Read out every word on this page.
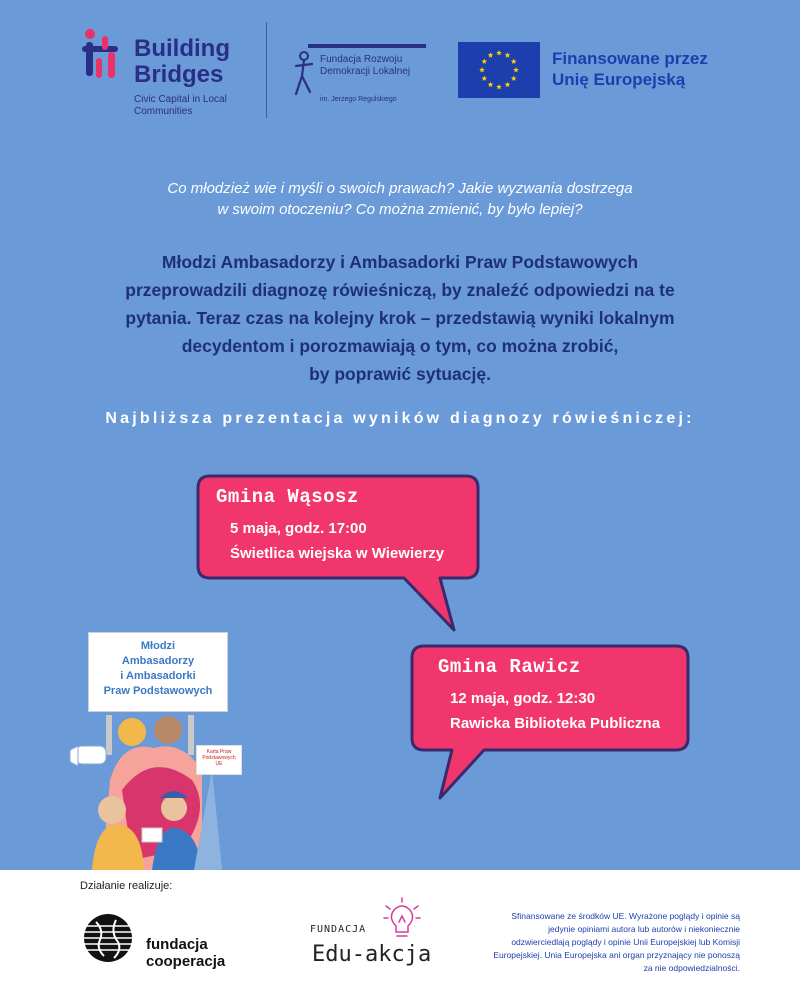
Building
Bridges
Civic Capital in Local Communities
Fundacja Rozwoju
Demokracji Lokalnej
im. Jerzego Regulskiego
Finansowane przez
Unię Europejską
Co młodzież wie i myśli o swoich prawach? Jakie wyzwania dostrzega
w swoim otoczeniu? Co można zmienić, by było lepiej?
Młodzi Ambasadorzy i Ambasadorki Praw Podstawowych
przeprowadzili diagnozę rówieśniczą, by znaleźć odpowiedzi na te
pytania. Teraz czas na kolejny krok – przedstawią wyniki lokalnym
decydentom i porozmawiają o tym, co można zrobić,
by poprawić sytuację.
Najbliższa prezentacja wyników diagnozy rówieśniczej:
Gmina Wąsosz
5 maja, godz. 17:00
Świetlica wiejska w Wiewierzy
Gmina Rawicz
12 maja, godz. 12:30
Rawicka Biblioteka Publiczna
Młodzi
Ambasadorzy
i Ambasadorki
Praw Podstawowych
Karta Praw
Podstawowych
UE
Działanie realizuje:
fundacja
cooperacja
FUNDACJA
Edu-akcja
Sfinansowane ze środków UE. Wyrażone poglądy i opinie są jedynie opiniami autora lub autorów i niekoniecznie odzwierciedlają poglądy i opinie Unii Europejskiej lub Komisji Europejskiej. Unia Europejska ani organ przyznający nie ponoszą za nie odpowiedzialności.
